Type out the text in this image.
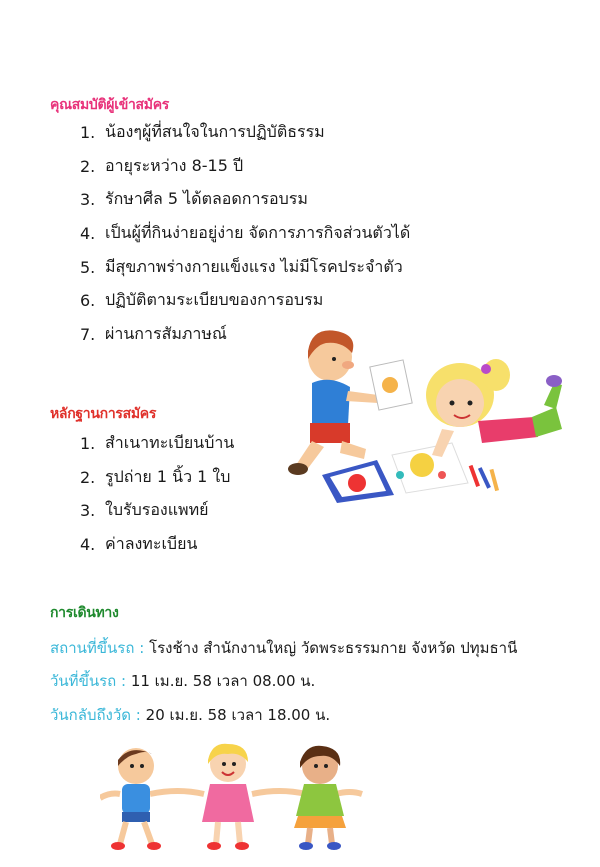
คุณสมบัติผู้เข้าสมัคร
1. น้องๆผู้ที่สนใจในการปฏิบัติธรรม
2. อายุระหว่าง 8-15 ปี
3. รักษาศีล 5 ได้ตลอดการอบรม
4. เป็นผู้ที่กินง่ายอยู่ง่าย จัดการภารกิจส่วนตัวได้
5. มีสุขภาพร่างกายแข็งแรง ไม่มีโรคประจำตัว
6. ปฏิบัติตามระเบียบของการอบรม
7. ผ่านการสัมภาษณ์
หลักฐานการสมัคร
1. สำเนาทะเบียนบ้าน
2. รูปถ่าย 1 นิ้ว 1 ใบ
3. ใบรับรองแพทย์
4. ค่าลงทะเบียน
การเดินทาง
สถานที่ขึ้นรถ : โรงช้าง สำนักงานใหญ่ วัดพระธรรมกาย จังหวัด ปทุมธานี
วันที่ขึ้นรถ : 11 เม.ย. 58 เวลา 08.00 น.
วันกลับถึงวัด : 20 เม.ย. 58 เวลา 18.00 น.
